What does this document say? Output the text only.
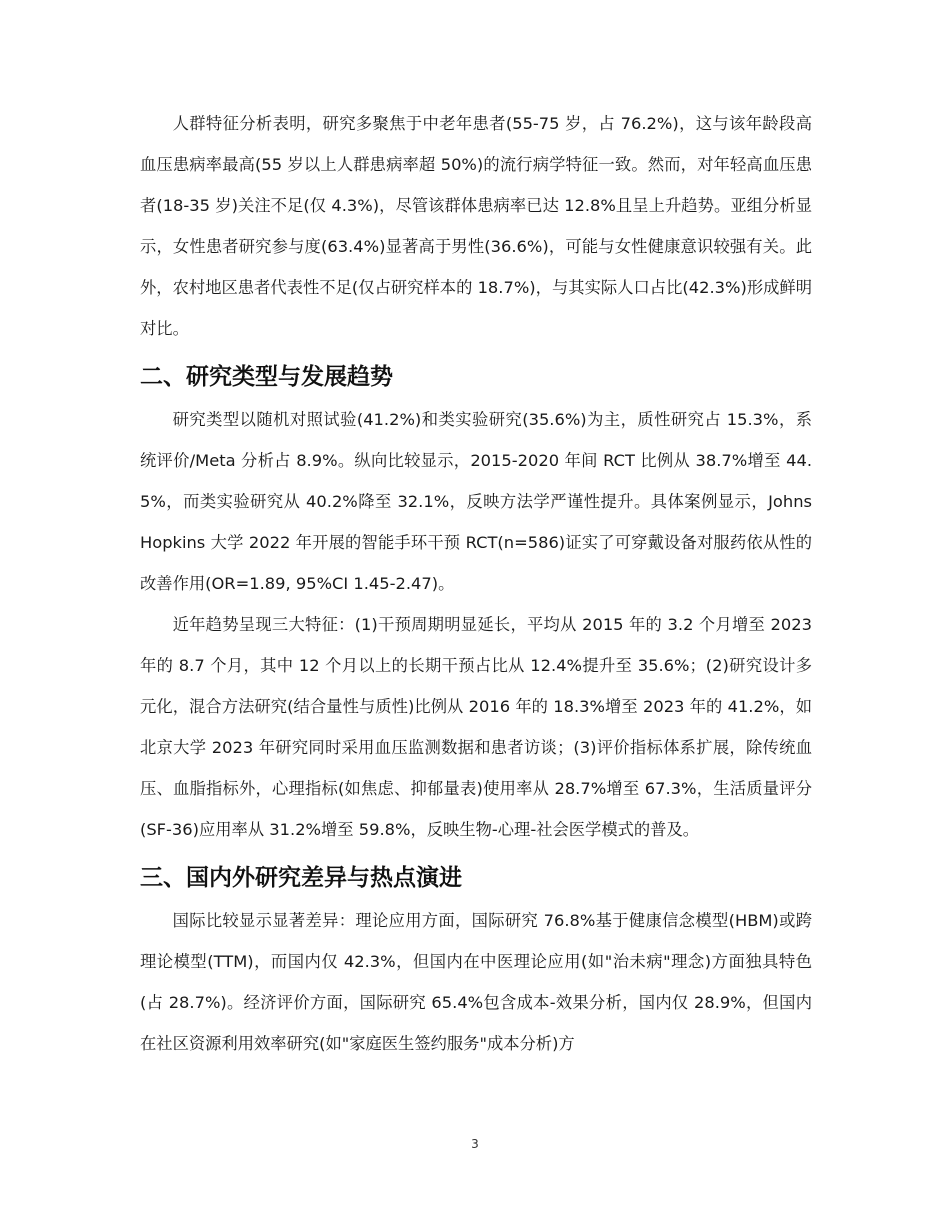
人群特征分析表明，研究多聚焦于中老年患者(55-75 岁，占 76.2%)，这与该年龄段高血压患病率最高(55 岁以上人群患病率超 50%)的流行病学特征一致。然而，对年轻高血压患者(18-35 岁)关注不足(仅 4.3%)，尽管该群体患病率已达 12.8%且呈上升趋势。亚组分析显示，女性患者研究参与度(63.4%)显著高于男性(36.6%)，可能与女性健康意识较强有关。此外，农村地区患者代表性不足(仅占研究样本的 18.7%)，与其实际人口占比(42.3%)形成鲜明对比。

二、研究类型与发展趋势

研究类型以随机对照试验(41.2%)和类实验研究(35.6%)为主，质性研究占 15.3%，系统评价/Meta 分析占 8.9%。纵向比较显示，2015-2020 年间 RCT 比例从 38.7%增至 44.5%，而类实验研究从 40.2%降至 32.1%，反映方法学严谨性提升。具体案例显示，Johns Hopkins 大学 2022 年开展的智能手环干预 RCT(n=586)证实了可穿戴设备对服药依从性的改善作用(OR=1.89, 95%CI 1.45-2.47)。

近年趋势呈现三大特征：(1)干预周期明显延长，平均从 2015 年的 3.2 个月增至 2023 年的 8.7 个月，其中 12 个月以上的长期干预占比从 12.4%提升至 35.6%；(2)研究设计多元化，混合方法研究(结合量性与质性)比例从 2016 年的 18.3%增至 2023 年的 41.2%，如北京大学 2023 年研究同时采用血压监测数据和患者访谈；(3)评价指标体系扩展，除传统血压、血脂指标外，心理指标(如焦虑、抑郁量表)使用率从 28.7%增至 67.3%，生活质量评分(SF-36)应用率从 31.2%增至 59.8%，反映生物-心理-社会医学模式的普及。

三、国内外研究差异与热点演进

国际比较显示显著差异：理论应用方面，国际研究 76.8%基于健康信念模型(HBM)或跨理论模型(TTM)，而国内仅 42.3%，但国内在中医理论应用(如"治未病"理念)方面独具特色(占 28.7%)。经济评价方面，国际研究 65.4%包含成本-效果分析，国内仅 28.9%，但国内在社区资源利用效率研究(如"家庭医生签约服务"成本分析)方

3
